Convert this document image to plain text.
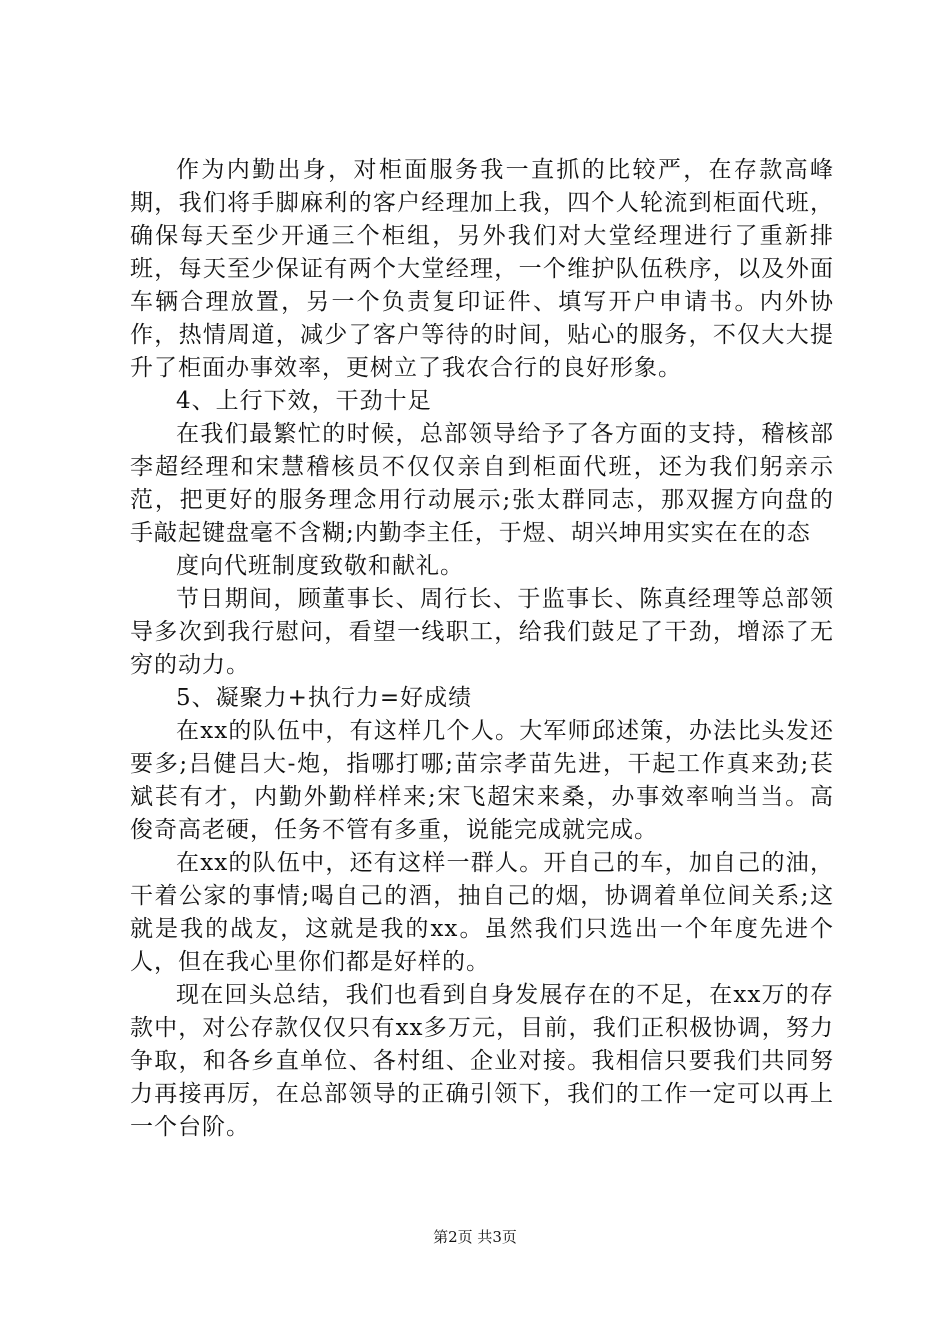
作为内勤出身，对柜面服务我一直抓的比较严，在存款高峰期，我们将手脚麻利的客户经理加上我，四个人轮流到柜面代班，确保每天至少开通三个柜组，另外我们对大堂经理进行了重新排班，每天至少保证有两个大堂经理，一个维护队伍秩序，以及外面车辆合理放置，另一个负责复印证件、填写开户申请书。内外协作，热情周道，减少了客户等待的时间，贴心的服务，不仅大大提升了柜面办事效率，更树立了我农合行的良好形象。

4、上行下效，干劲十足

在我们最繁忙的时候，总部领导给予了各方面的支持，稽核部李超经理和宋慧稽核员不仅仅亲自到柜面代班，还为我们躬亲示范，把更好的服务理念用行动展示;张太群同志，那双握方向盘的手敲起键盘毫不含糊;内勤李主任，于煜、胡兴坤用实实在在的态

度向代班制度致敬和献礼。

节日期间，顾董事长、周行长、于监事长、陈真经理等总部领导多次到我行慰问，看望一线职工，给我们鼓足了干劲，增添了无穷的动力。

5、凝聚力+执行力=好成绩

在xx的队伍中，有这样几个人。大军师邱述策，办法比头发还要多;吕健吕大-炮，指哪打哪;苗宗孝苗先进，干起工作真来劲;苌斌苌有才，内勤外勤样样来;宋飞超宋来桑，办事效率响当当。高俊奇高老硬，任务不管有多重，说能完成就完成。

在xx的队伍中，还有这样一群人。开自己的车，加自己的油，干着公家的事情;喝自己的酒，抽自己的烟，协调着单位间关系;这就是我的战友，这就是我的xx。虽然我们只选出一个年度先进个人，但在我心里你们都是好样的。

现在回头总结，我们也看到自身发展存在的不足，在xx万的存款中，对公存款仅仅只有xx多万元，目前，我们正积极协调，努力争取，和各乡直单位、各村组、企业对接。我相信只要我们共同努力再接再厉，在总部领导的正确引领下，我们的工作一定可以再上一个台阶。

第2页 共3页
